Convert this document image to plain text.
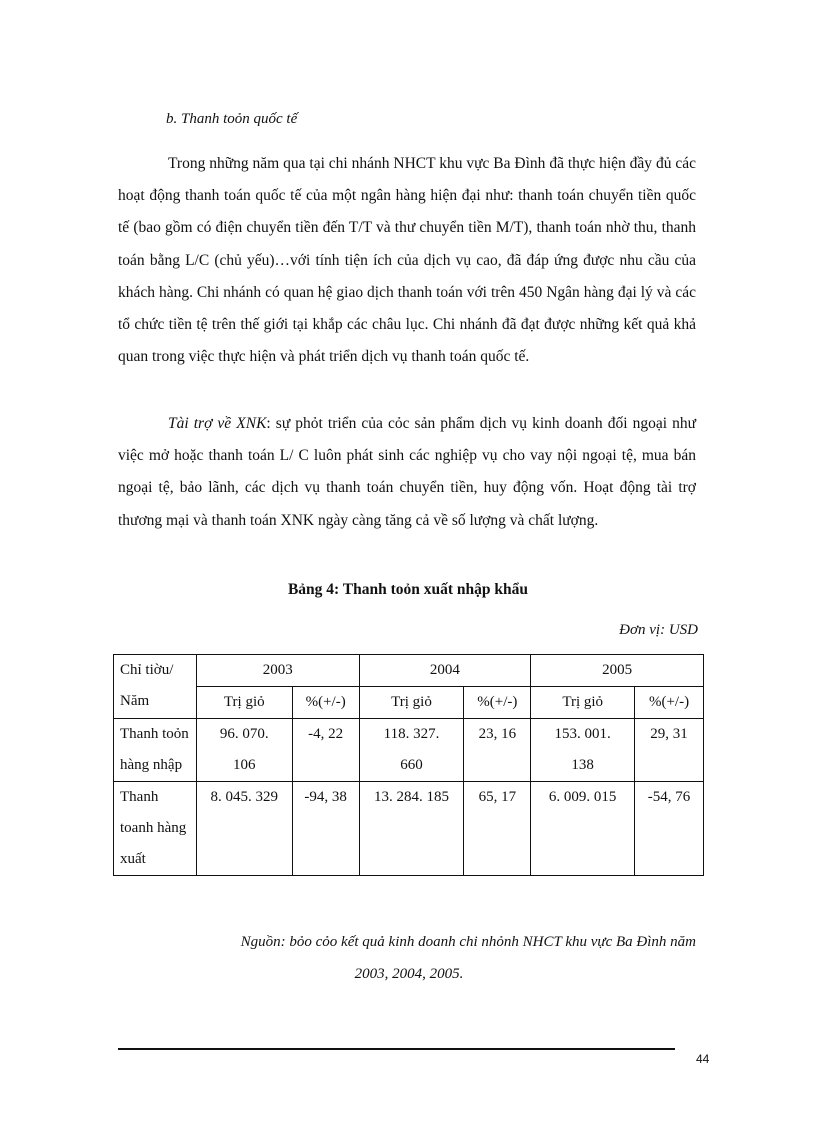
b. Thanh toỏn quốc tế

Trong những năm qua tại chi nhánh NHCT khu vực Ba Đình đã thực hiện đầy đủ các hoạt động thanh toán quốc tế của một ngân hàng hiện đại như: thanh toán chuyển tiền quốc tế (bao gồm có điện chuyển tiền đến T/T và thư chuyển tiền M/T), thanh toán nhờ thu, thanh toán bằng L/C (chủ yếu)…với tính tiện ích của dịch vụ cao, đã đáp ứng được nhu cầu của khách hàng. Chi nhánh có quan hệ giao dịch thanh toán với trên 450 Ngân hàng đại lý và các tổ chức tiền tệ trên thế giới tại khắp các châu lục. Chi nhánh đã đạt được những kết quả khả quan trong việc thực hiện và phát triển dịch vụ thanh toán quốc tế.

Tài trợ về XNK: sự phỏt triển của cỏc sản phẩm dịch vụ kinh doanh đối ngoại như việc mở hoặc thanh toán L/ C luôn phát sinh các nghiệp vụ cho vay nội ngoại tệ, mua bán ngoại tệ, bảo lãnh, các dịch vụ thanh toán chuyển tiền, huy động vốn. Hoạt động tài trợ thương mại và thanh toán XNK ngày càng tăng cả về số lượng và chất lượng.

Bảng 4: Thanh toỏn xuất nhập khẩu
Đơn vị: USD
Chỉ tiờu/
Năm	2003		2004		2005	
	Trị giỏ	%(+/-)	Trị giỏ	%(+/-)	Trị giỏ	%(+/-)
Thanh toỏn hàng nhập	96. 070. 106	-4, 22	118. 327. 660	23, 16	153. 001. 138	29, 31
Thanh toanh hàng xuất	8. 045. 329	-94, 38	13. 284. 185	65, 17	6. 009. 015	-54, 76
Nguồn: bỏo cỏo kết quả kinh doanh chi nhỏnh NHCT khu vực Ba Đình năm
2003, 2004, 2005.
44
